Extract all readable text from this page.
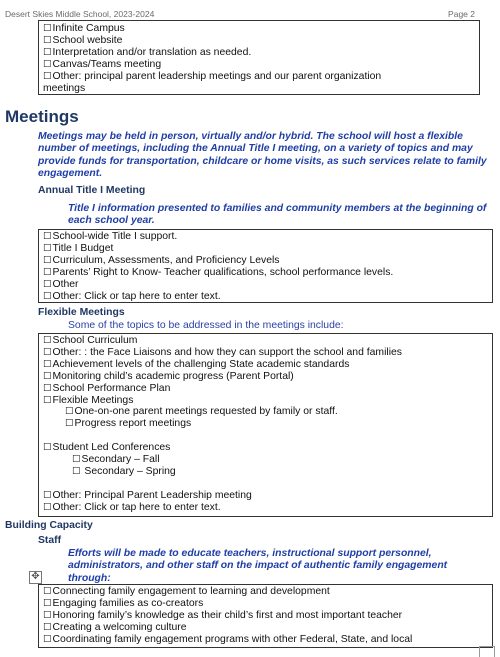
Desert Skies Middle School, 2023-2024	Page 2
☐ Infinite Campus
☐ School website
☐ Interpretation and/or translation as needed.
☐ Canvas/Teams meeting
☐ Other: principal parent leadership meetings and our parent organization
meetings
Meetings
Meetings may be held in person, virtually and/or hybrid. The school will host a flexible
number of meetings, including the Annual Title I meeting, on a variety of topics and may
provide funds for transportation, childcare or home visits, as such services relate to family
engagement.
Annual Title I Meeting
Title I information presented to families and community members at the beginning of
each school year.
☐ School-wide Title I support.
☐ Title I Budget
☐ Curriculum, Assessments, and Proficiency Levels
☐ Parents’ Right to Know- Teacher qualifications, school performance levels.
☐ Other
☐ Other: Click or tap here to enter text.
Flexible Meetings
Some of the topics to be addressed in the meetings include:
☐ School Curriculum
☐ Other: : the Face Liaisons and how they can support the school and families
☐ Achievement levels of the challenging State academic standards
☐ Monitoring child’s academic progress (Parent Portal)
☐ School Performance Plan
☐ Flexible Meetings
☐ One-on-one parent meetings requested by family or staff.
☐ Progress report meetings
☐ Student Led Conferences
☐ Secondary – Fall
☐ Secondary – Spring
☐ Other: Principal Parent Leadership meeting
☐ Other: Click or tap here to enter text.
Building Capacity
Staff
Efforts will be made to educate teachers, instructional support personnel,
administrators, and other staff on the impact of authentic family engagement
through:
✥
☐ Connecting family engagement to learning and development
☐ Engaging families as co-creators
☐ Honoring family’s knowledge as their child’s first and most important teacher
☐ Creating a welcoming culture
☐ Coordinating family engagement programs with other Federal, State, and local
